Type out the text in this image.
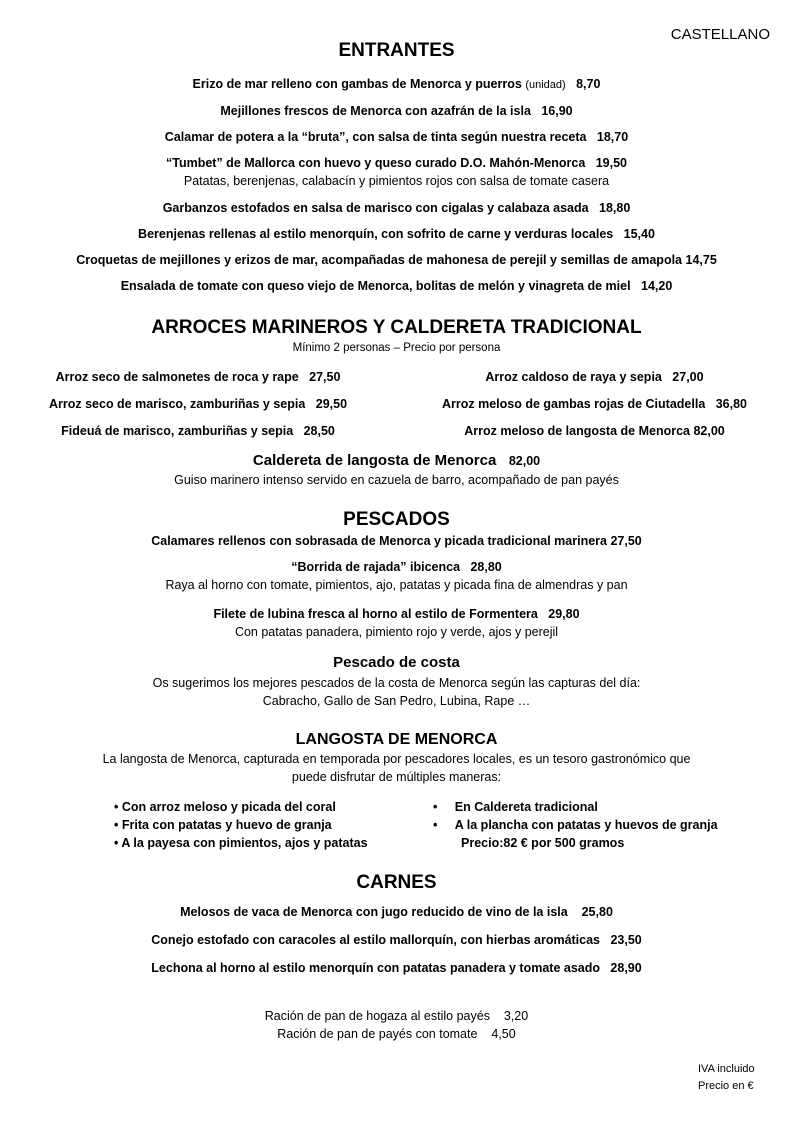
CASTELLANO
ENTRANTES
Erizo de mar relleno con gambas de Menorca y puerros (unidad) 8,70
Mejillones frescos de Menorca con azafrán de la isla 16,90
Calamar de potera a la “bruta”, con salsa de tinta según nuestra receta 18,70
“Tumbet” de Mallorca con huevo y queso curado D.O. Mahón-Menorca 19,50
Patatas, berenjenas, calabacín y pimientos rojos con salsa de tomate casera
Garbanzos estofados en salsa de marisco con cigalas y calabaza asada 18,80
Berenjenas rellenas al estilo menorquín, con sofrito de carne y verduras locales 15,40
Croquetas de mejillones y erizos de mar, acompañadas de mahonesa de perejil y semillas de amapola 14,75
Ensalada de tomate con queso viejo de Menorca, bolitas de melón y vinagreta de miel 14,20
ARROCES MARINEROS Y CALDERETA TRADICIONAL
Mínimo 2 personas – Precio por persona
Arroz seco de salmonetes de roca y rape 27,50
Arroz seco de marisco, zamburiñas y sepia 29,50
Fideuá de marisco, zamburiñas y sepia 28,50
Arroz caldoso de raya y sepia 27,00
Arroz meloso de gambas rojas de Ciutadella 36,80
Arroz meloso de langosta de Menorca 82,00
Caldereta de langosta de Menorca 82,00
Guiso marinero intenso servido en cazuela de barro, acompañado de pan payés
PESCADOS
Calamares rellenos con sobrasada de Menorca y picada tradicional marinera 27,50
“Borrida de rajada” ibicenca 28,80
Raya al horno con tomate, pimientos, ajo, patatas y picada fina de almendras y pan
Filete de lubina fresca al horno al estilo de Formentera 29,80
Con patatas panadera, pimiento rojo y verde, ajos y perejil
Pescado de costa
Os sugerimos los mejores pescados de la costa de Menorca según las capturas del día:
Cabracho, Gallo de San Pedro, Lubina, Rape …
LANGOSTA DE MENORCA
La langosta de Menorca, capturada en temporada por pescadores locales, es un tesoro gastronómico que
puede disfrutar de múltiples maneras:
• Con arroz meloso y picada del coral
• Frita con patatas y huevo de granja
• A la payesa con pimientos, ajos y patatas
•     En Caldereta tradicional
•     A la plancha con patatas y huevos de granja
Precio:82 € por 500 gramos
CARNES
Melosos de vaca de Menorca con jugo reducido de vino de la isla 25,80
Conejo estofado con caracoles al estilo mallorquín, con hierbas aromáticas 23,50
Lechona al horno al estilo menorquín con patatas panadera y tomate asado 28,90
Ración de pan de hogaza al estilo payés 3,20
Ración de pan de payés con tomate 4,50
IVA incluido
Precio en €
